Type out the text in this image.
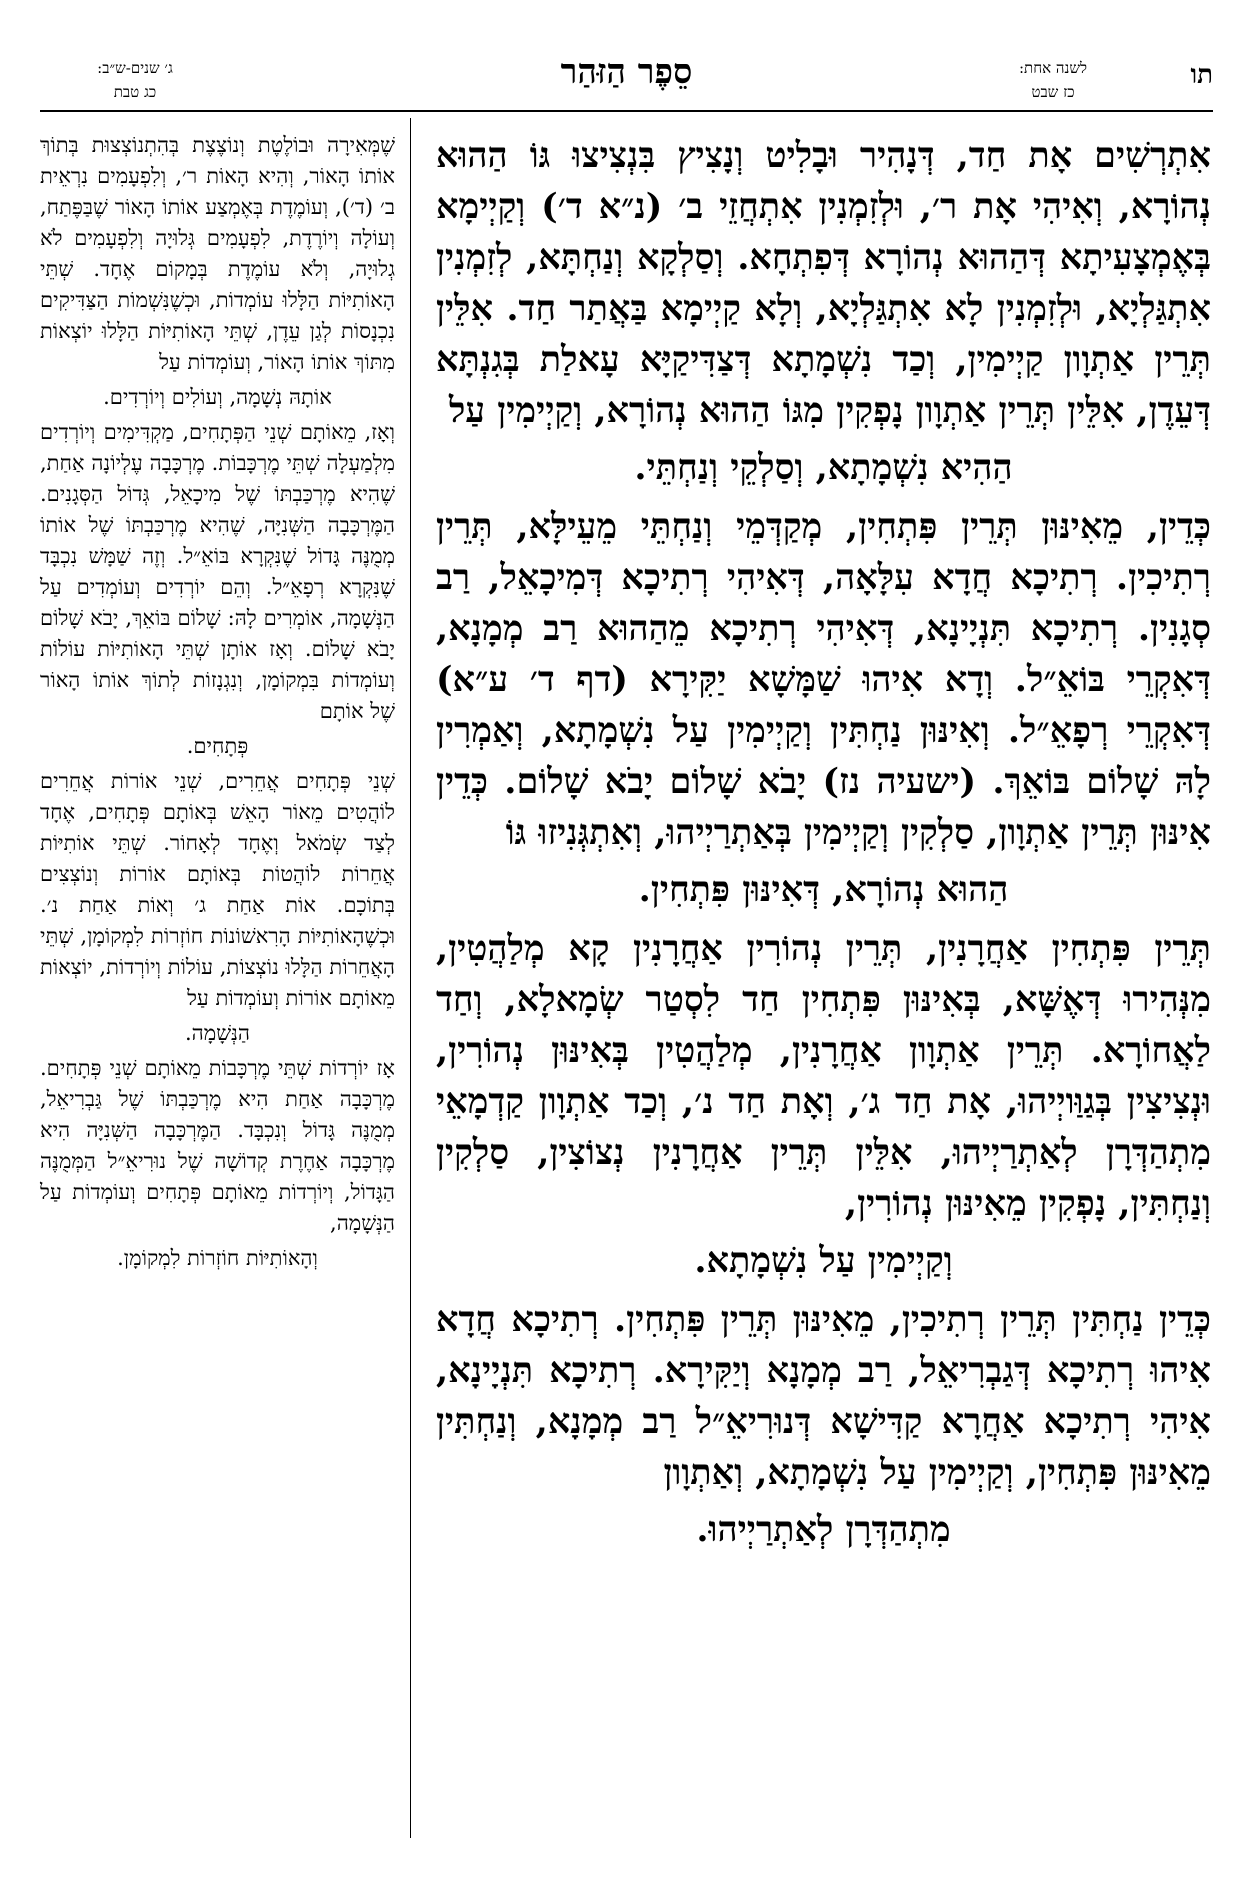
תו
לשנה אחת:
כז שבט
סֵפֶר הַזּהַר
ג׳ שנים-ש״ב:
כג טבת

אִתְרְשִׁים אָת חַד, דְּנָהִיר וּבָלִיט וְנָצִיץ בִּנְצִיצוּ גּוֹ הַהוּא נְהוֹרָא, וְאִיהִי אָת ר׳, וּלְזִמְנִין אִתְחֲזֵי ב׳ (נ״א ד׳) וְקַיְימָא בְּאֶמְצָעִיתָא דְּהַהוּא נְהוֹרָא דְּפִתְחָא. וְסַלְקָא וְנַחְתָּא, לְזִמְנִין אִתְגַּלְיָא, וּלְזִמְנִין לָא אִתְגַּלְיָא, וְלָא קַיְימָא בַּאֲתַר חַד. אִלֵּין תְּרֵין אַתְוָון קַיְימִין, וְכַד נִשְׁמָתָא דְּצַדִּיקַיָּא עָאלַת בְּגִנְתָּא דְּעֵדֶן, אִלֵּין תְּרֵין אַתְוָון נָפְקִין מִגּוֹ הַהוּא נְהוֹרָא, וְקַיְימִין עַל

הַהִיא נִשְׁמָתָא, וְסַלְקֵי וְנַחְתֵּי.

כְּדֵין, מֵאִינּוּן תְּרֵין פִּתְחִין, מְקַדְּמֵי וְנַחְתֵּי מֵעֵילָּא, תְּרֵין רְתִיכִין. רְתִיכָא חֲדָא עִלָּאָה, דְּאִיהִי רְתִיכָא דְּמִיכָאֵל, רַב סְגָנִין. רְתִיכָא תִּנְיָינָא, דְּאִיהִי רְתִיכָא מֵהַהוּא רַב מְמָנָא, דְּאִקְרֵי בּוֹאֵ״ל. וְדָא אִיהוּ שַׁמָּשָׁא יַקִּירָא (דף ד׳ ע״א) דְּאִקְרֵי רְפָאֵ״ל. וְאִינּוּן נַחְתִּין וְקַיְימִין עַל נִשְׁמָתָא, וְאַמְרִין לָהּ שָׁלוֹם בּוֹאֵךְ. (ישעיה נז) יָבֹא שָׁלוֹם יָבֹא שָׁלוֹם. כְּדֵין אִינּוּן תְּרֵין אַתְוָון, סַלְקִין וְקַיְימִין בְּאַתְרַיְיהוּ, וְאִתְגְּנִיזוּ גּוֹ

הַהוּא נְהוֹרָא, דְּאִינּוּן פִּתְחִין.

תְּרֵין פִּתְחִין אַחֲרָנִין, תְּרֵין נְהוֹרִין אַחֲרָנִין קָא מְלַהֲטִין, מִנְּהִירוּ דְּאֶשָּׁא, בְּאִינּוּן פִּתְחִין חַד לִסְטַר שְׂמָאלָא, וְחַד לַאֲחוֹרָא. תְּרֵין אַתְוָון אַחֲרָנִין, מְלַהֲטִין בְּאִינּוּן נְהוֹרִין, וּנְצִיצִין בְּגַוַּויְיהוּ, אָת חַד ג׳, וְאָת חַד נ׳, וְכַד אַתְוָון קַדְמָאֵי מִתְהַדְּרָן לְאַתְרַיְיהוּ, אִלֵּין תְּרֵין אַחֲרָנִין נְצוֹצִין, סַלְקִין וְנַחְתִּין, נָפְקִין מֵאִינּוּן נְהוֹרִין,

וְקַיְימִין עַל נִשְׁמָתָא.

כְּדֵין נַחְתִּין תְּרֵין רְתִיכִין, מֵאִינּוּן תְּרֵין פִּתְחִין. רְתִיכָא חֲדָא אִיהוּ רְתִיכָא דְּגַבְרִיאֵל, רַב מְמָנָא וְיַקִּירָא. רְתִיכָא תִּנְיָינָא, אִיהִי רְתִיכָא אַחֲרָא קַדִּישָׁא דְּנוּרִיאֵ״ל רַב מְמָנָא, וְנַחְתִּין מֵאִינּוּן פִּתְחִין, וְקַיְימִין עַל נִשְׁמָתָא, וְאַתְוָון

מִתְהַדְּרָן לְאַתְרַיְיהוּ.

שֶׁמְּאִירָה וּבוֹלֶטֶת וְנוֹצֶצֶת בְּהִתְנוֹצְצוּת בְּתוֹךְ אוֹתוֹ הָאוֹר, וְהִיא הָאוֹת ר׳, וְלִפְעָמִים נִרְאֵית ב׳ (ד׳), וְעוֹמֶדֶת בְּאֶמְצַע אוֹתוֹ הָאוֹר שֶׁבַּפֶּתַח, וְעוֹלָה וְיוֹרֶדֶת, לִפְעָמִים גְּלוּיָה וְלִפְעָמִים לֹא גְלוּיָה, וְלֹא עוֹמֶדֶת בְּמָקוֹם אֶחָד. שְׁתֵּי הָאוֹתִיּוֹת הַלָּלוּ עוֹמְדוֹת, וּכְשֶׁנִּשְׁמוֹת הַצַּדִּיקִים נִכְנָסוֹת לְגַן עֵדֶן, שְׁתֵּי הָאוֹתִיּוֹת הַלָּלוּ יוֹצְאוֹת מִתּוֹךְ אוֹתוֹ הָאוֹר, וְעוֹמְדוֹת עַל

אוֹתָהּ נְשָׁמָה, וְעוֹלִים וְיוֹרְדִים.

וְאָז, מֵאוֹתָם שְׁנֵי הַפְּתָחִים, מַקְדִּימִים וְיוֹרְדִים מִלְמַעְלָה שְׁתֵּי מֶרְכָּבוֹת. מֶרְכָּבָה עֶלְיוֹנָה אַחַת, שֶׁהִיא מֶרְכַּבְתּוֹ שֶׁל מִיכָאֵל, גְּדוֹל הַסְּגָנִים. הַמֶּרְכָּבָה הַשְּׁנִיָּה, שֶׁהִיא מֶרְכַּבְתּוֹ שֶׁל אוֹתוֹ מְמֻנֶּה גָּדוֹל שֶׁנִּקְרָא בּוֹאֵ״ל. וְזֶה שַׁמָּשׁ נִכְבָּד שֶׁנִּקְרָא רְפָאֵ״ל. וְהֵם יוֹרְדִים וְעוֹמְדִים עַל הַנְּשָׁמָה, אוֹמְרִים לָהּ: שָׁלוֹם בּוֹאֵךְ, יָבֹא שָׁלוֹם יָבֹא שָׁלוֹם. וְאָז אוֹתָן שְׁתֵּי הָאוֹתִיּוֹת עוֹלוֹת וְעוֹמְדוֹת בִּמְקוֹמָן, וְנִגְנָזוֹת לְתוֹךְ אוֹתוֹ הָאוֹר שֶׁל אוֹתָם

פְּתָחִים.

שְׁנֵי פְּתָחִים אֲחֵרִים, שְׁנֵי אוֹרוֹת אֲחֵרִים לוֹהֲטִים מֵאוֹר הָאֵשׁ בְּאוֹתָם פְּתָחִים, אֶחָד לְצַד שְׂמֹאל וְאֶחָד לְאָחוֹר. שְׁתֵּי אוֹתִיּוֹת אֲחֵרוֹת לוֹהֲטוֹת בְּאוֹתָם אוֹרוֹת וְנוֹצְצִים בְּתוֹכָם. אוֹת אַחַת ג׳ וְאוֹת אַחַת נ׳. וּכְשֶׁהָאוֹתִיּוֹת הָרִאשׁוֹנוֹת חוֹזְרוֹת לִמְקוֹמָן, שְׁתֵּי הָאֲחֵרוֹת הַלָּלוּ נוֹצְצוֹת, עוֹלוֹת וְיוֹרְדוֹת, יוֹצְאוֹת מֵאוֹתָם אוֹרוֹת וְעוֹמְדוֹת עַל

הַנְּשָׁמָה.

אָז יוֹרְדוֹת שְׁתֵּי מֶרְכָּבוֹת מֵאוֹתָם שְׁנֵי פְּתָחִים. מֶרְכָּבָה אַחַת הִיא מֶרְכַּבְתּוֹ שֶׁל גַּבְרִיאֵל, מְמֻנֶּה גָּדוֹל וְנִכְבָּד. הַמֶּרְכָּבָה הַשְּׁנִיָּה הִיא מֶרְכָּבָה אַחֶרֶת קְדוֹשָׁה שֶׁל נוּרִיאֵ״ל הַמְּמֻנֶּה הַגָּדוֹל, וְיוֹרְדוֹת מֵאוֹתָם פְּתָחִים וְעוֹמְדוֹת עַל הַנְּשָׁמָה,

וְהָאוֹתִיּוֹת חוֹזְרוֹת לִמְקוֹמָן.
